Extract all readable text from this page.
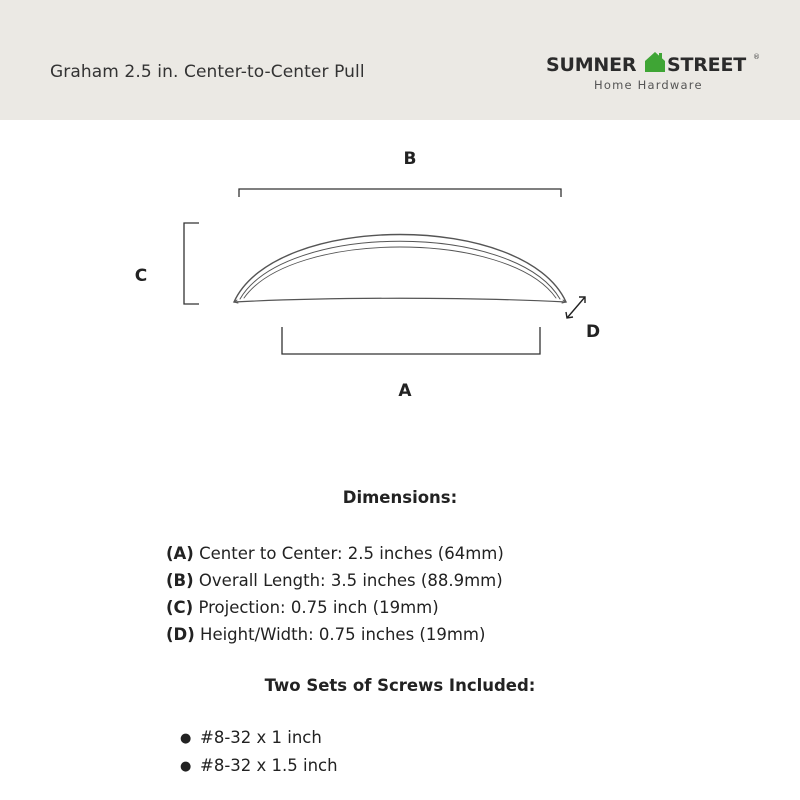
Graham 2.5 in. Center-to-Center Pull	SUMNER STREET ®
Home Hardware
B
C
D
A
Dimensions:
(A) Center to Center: 2.5 inches (64mm)
(B) Overall Length: 3.5 inches (88.9mm)
(C) Projection: 0.75 inch (19mm)
(D) Height/Width: 0.75 inches (19mm)
Two Sets of Screws Included:
● #8-32 x 1 inch
● #8-32 x 1.5 inch
